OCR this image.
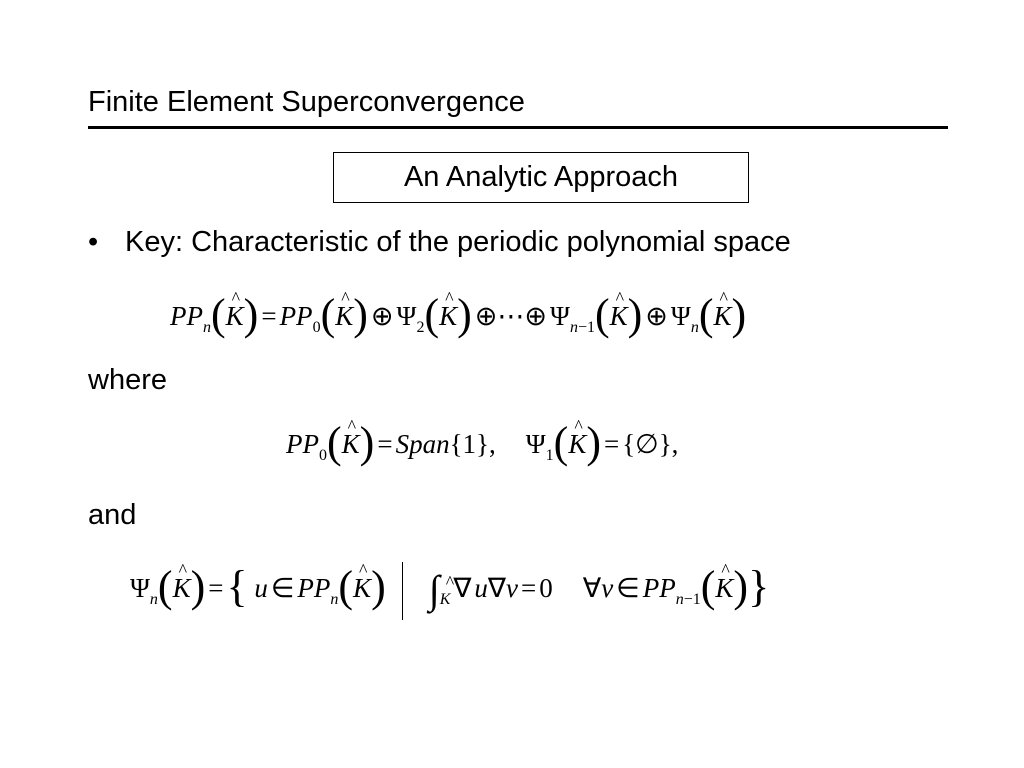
Finite Element Superconvergence
An Analytic Approach
• Key: Characteristic of the periodic polynomial space
$PP_n(\^{}$ $K) = PP_0(\^{}$ K) ⊕ $\Psi_2(\^{}$ K) ⊕⋯⊕ $\Psi_{n-1}(\^{}$ K) ⊕ $\Psi_n(\^{}$ K)
where
$PP_0(\^{}$ K) = Span{1}, $\Psi_1(\^{}$ K) = {∅},
and
$\Psi_n(\^{}$ K) ={ u ∈ $PP_n(\^{}$ K) $\int_K$ ∇ u∇v = 0 ∀v ∈ $PP_{n-1}(\^{}$ K)}
